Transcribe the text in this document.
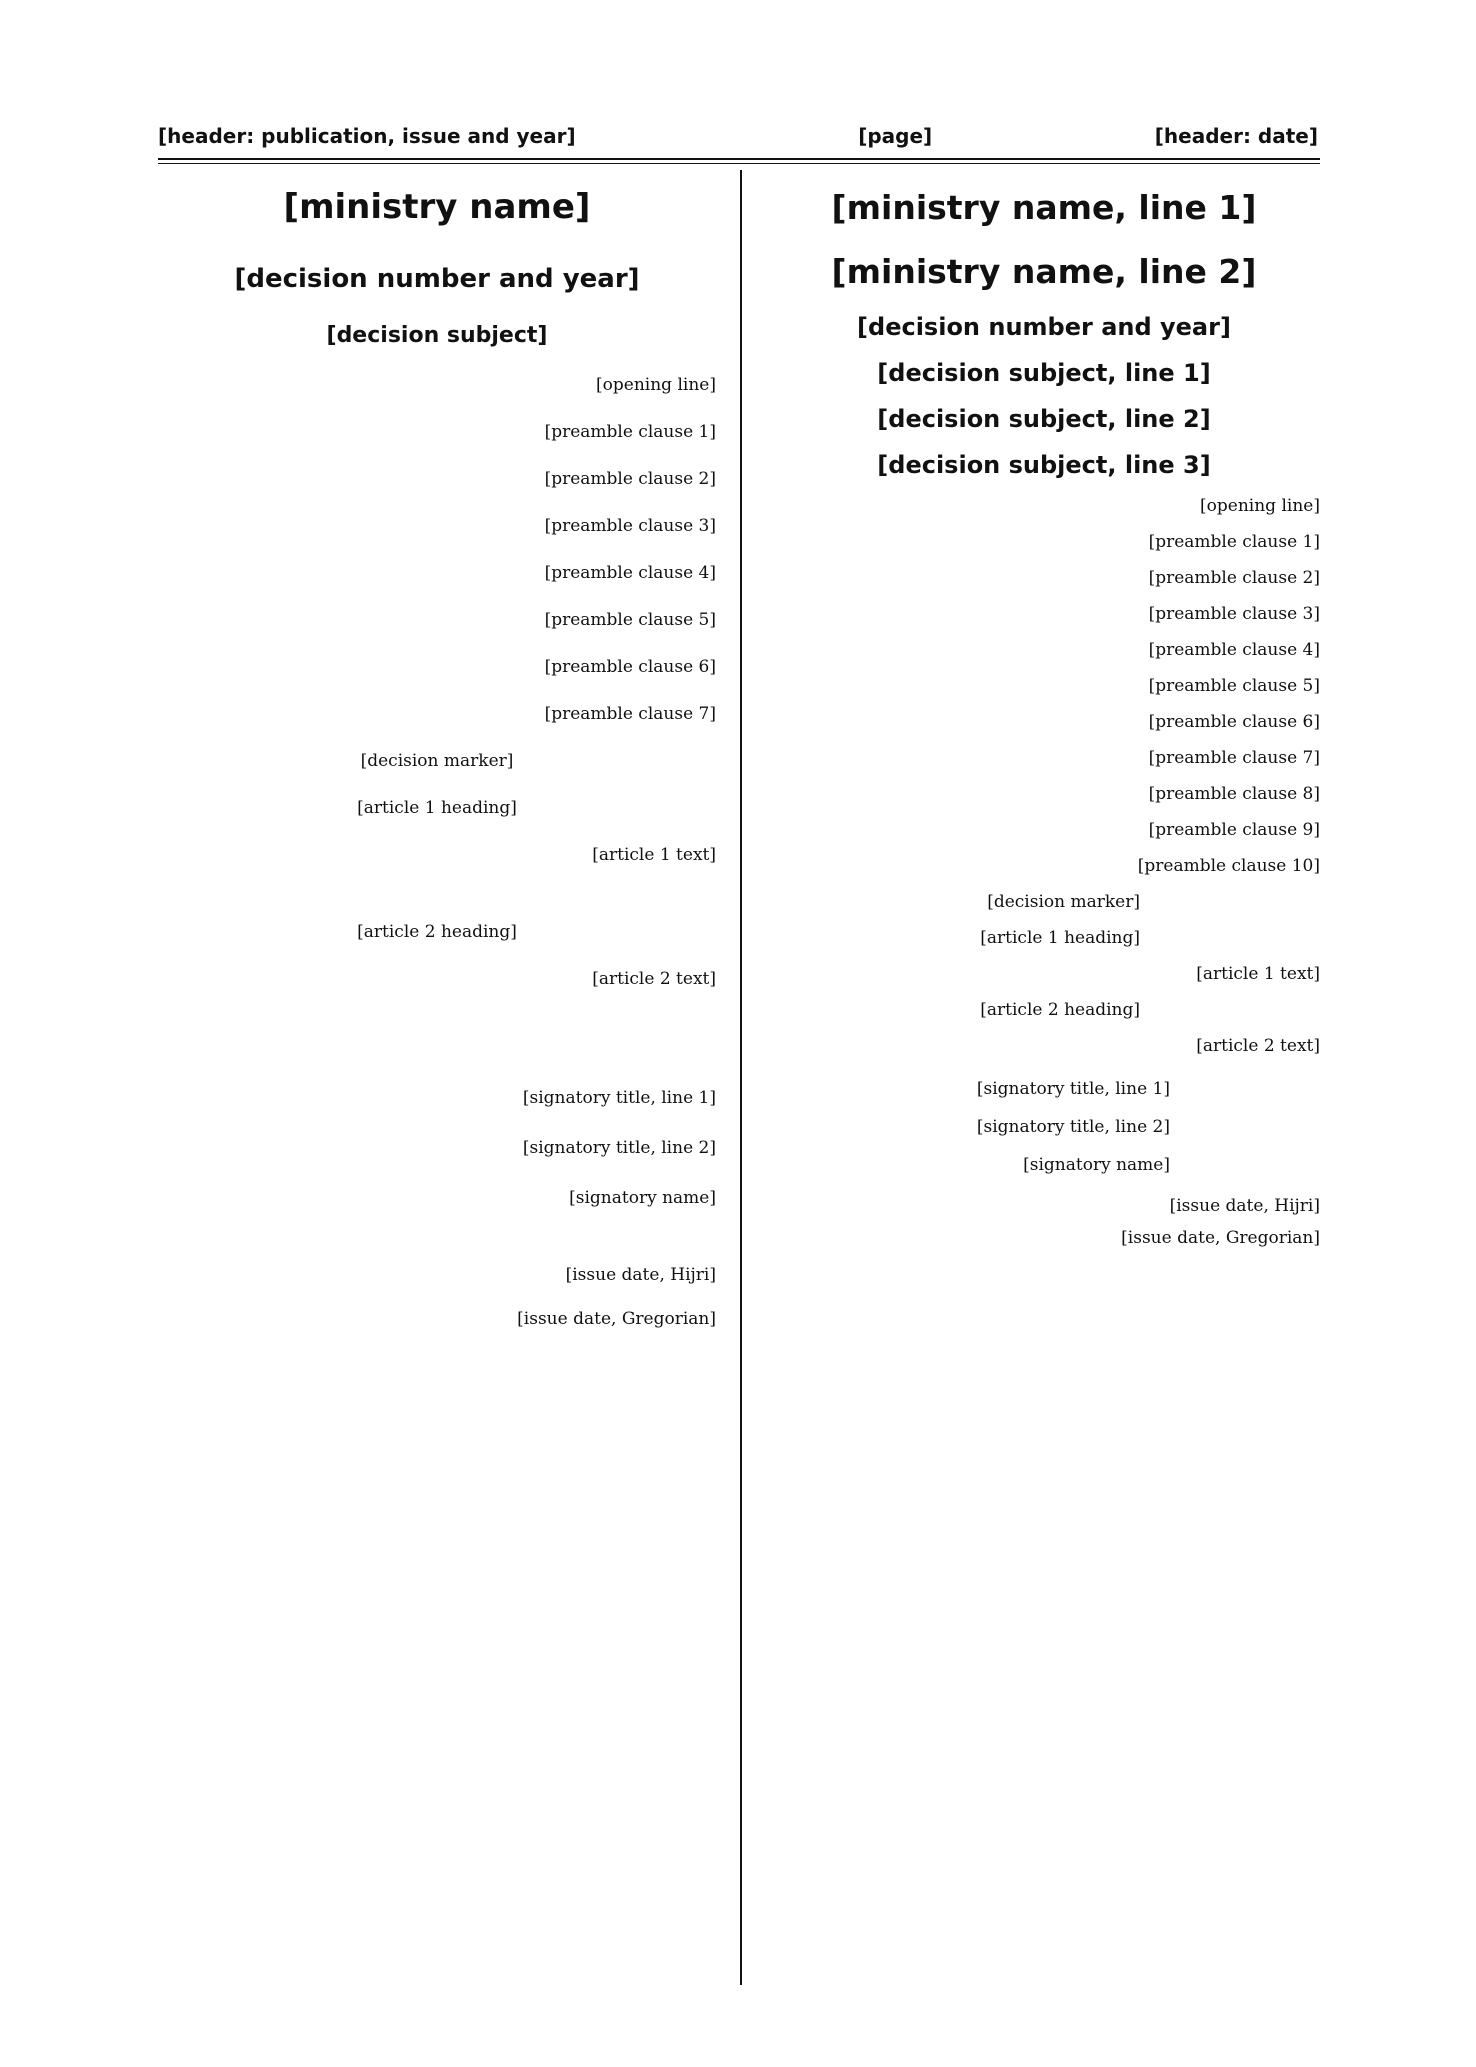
[header: date]
[page]
[header: publication, issue and year]

[ministry name, line 1]

[ministry name, line 2]

[decision number and year]

[decision subject, line 1]

[decision subject, line 2]

[decision subject, line 3]

[opening line]

[preamble clause 1]

[preamble clause 2]

[preamble clause 3]

[preamble clause 4]

[preamble clause 5]

[preamble clause 6]

[preamble clause 7]

[preamble clause 8]

[preamble clause 9]

[preamble clause 10]

[decision marker]

[article 1 heading]

[article 1 text]

[article 2 heading]

[article 2 text]

[signatory title, line 1]

[signatory title, line 2]

[signatory name]

[issue date, Hijri]

[issue date, Gregorian]

[ministry name]

[decision number and year]

[decision subject]

[opening line]

[preamble clause 1]

[preamble clause 2]

[preamble clause 3]

[preamble clause 4]

[preamble clause 5]

[preamble clause 6]

[preamble clause 7]

[decision marker]

[article 1 heading]

[article 1 text]

[article 2 heading]

[article 2 text]

[signatory title, line 1]

[signatory title, line 2]

[signatory name]

[issue date, Hijri]

[issue date, Gregorian]
